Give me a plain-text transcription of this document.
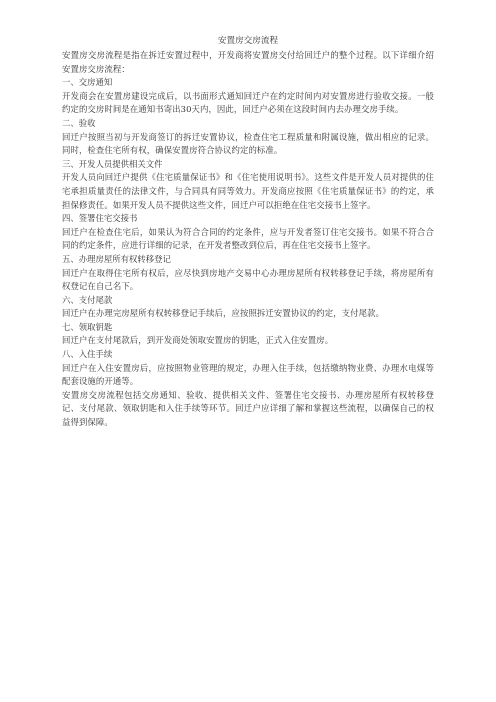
安置房交房流程

安置房交房流程是指在拆迁安置过程中，开发商将安置房交付给回迁户的整个过程。以下详细介绍安置房交房流程：

一、交房通知

开发商会在安置房建设完成后，以书面形式通知回迁户在约定时间内对安置房进行验收交接。一般约定的交房时间是在通知书寄出30天内，因此，回迁户必须在这段时间内去办理交房手续。

二、验收

回迁户按照当初与开发商签订的拆迁安置协议，检查住宅工程质量和附属设施，做出相应的记录。同时，检查住宅所有权，确保安置房符合协议约定的标准。

三、开发人员提供相关文件

开发人员向回迁户提供《住宅质量保证书》和《住宅使用说明书》。这些文件是开发人员对提供的住宅承担质量责任的法律文件，与合同具有同等效力。开发商应按照《住宅质量保证书》的约定，承担保修责任。如果开发人员不提供这些文件，回迁户可以拒绝在住宅交接书上签字。

四、签署住宅交接书

回迁户在检查住宅后，如果认为符合合同的约定条件，应与开发者签订住宅交接书。如果不符合合同的约定条件，应进行详细的记录，在开发者整改到位后，再在住宅交接书上签字。

五、办理房屋所有权转移登记

回迁户在取得住宅所有权后，应尽快到房地产交易中心办理房屋所有权转移登记手续，将房屋所有权登记在自己名下。

六、支付尾款

回迁户在办理完房屋所有权转移登记手续后，应按照拆迁安置协议的约定，支付尾款。

七、领取钥匙

回迁户在支付尾款后，到开发商处领取安置房的钥匙，正式入住安置房。

八、入住手续

回迁户在入住安置房后，应按照物业管理的规定，办理入住手续，包括缴纳物业费、办理水电煤等配套设施的开通等。

安置房交房流程包括交房通知、验收、提供相关文件、签署住宅交接书、办理房屋所有权转移登记、支付尾款、领取钥匙和入住手续等环节。回迁户应详细了解和掌握这些流程，以确保自己的权益得到保障。
